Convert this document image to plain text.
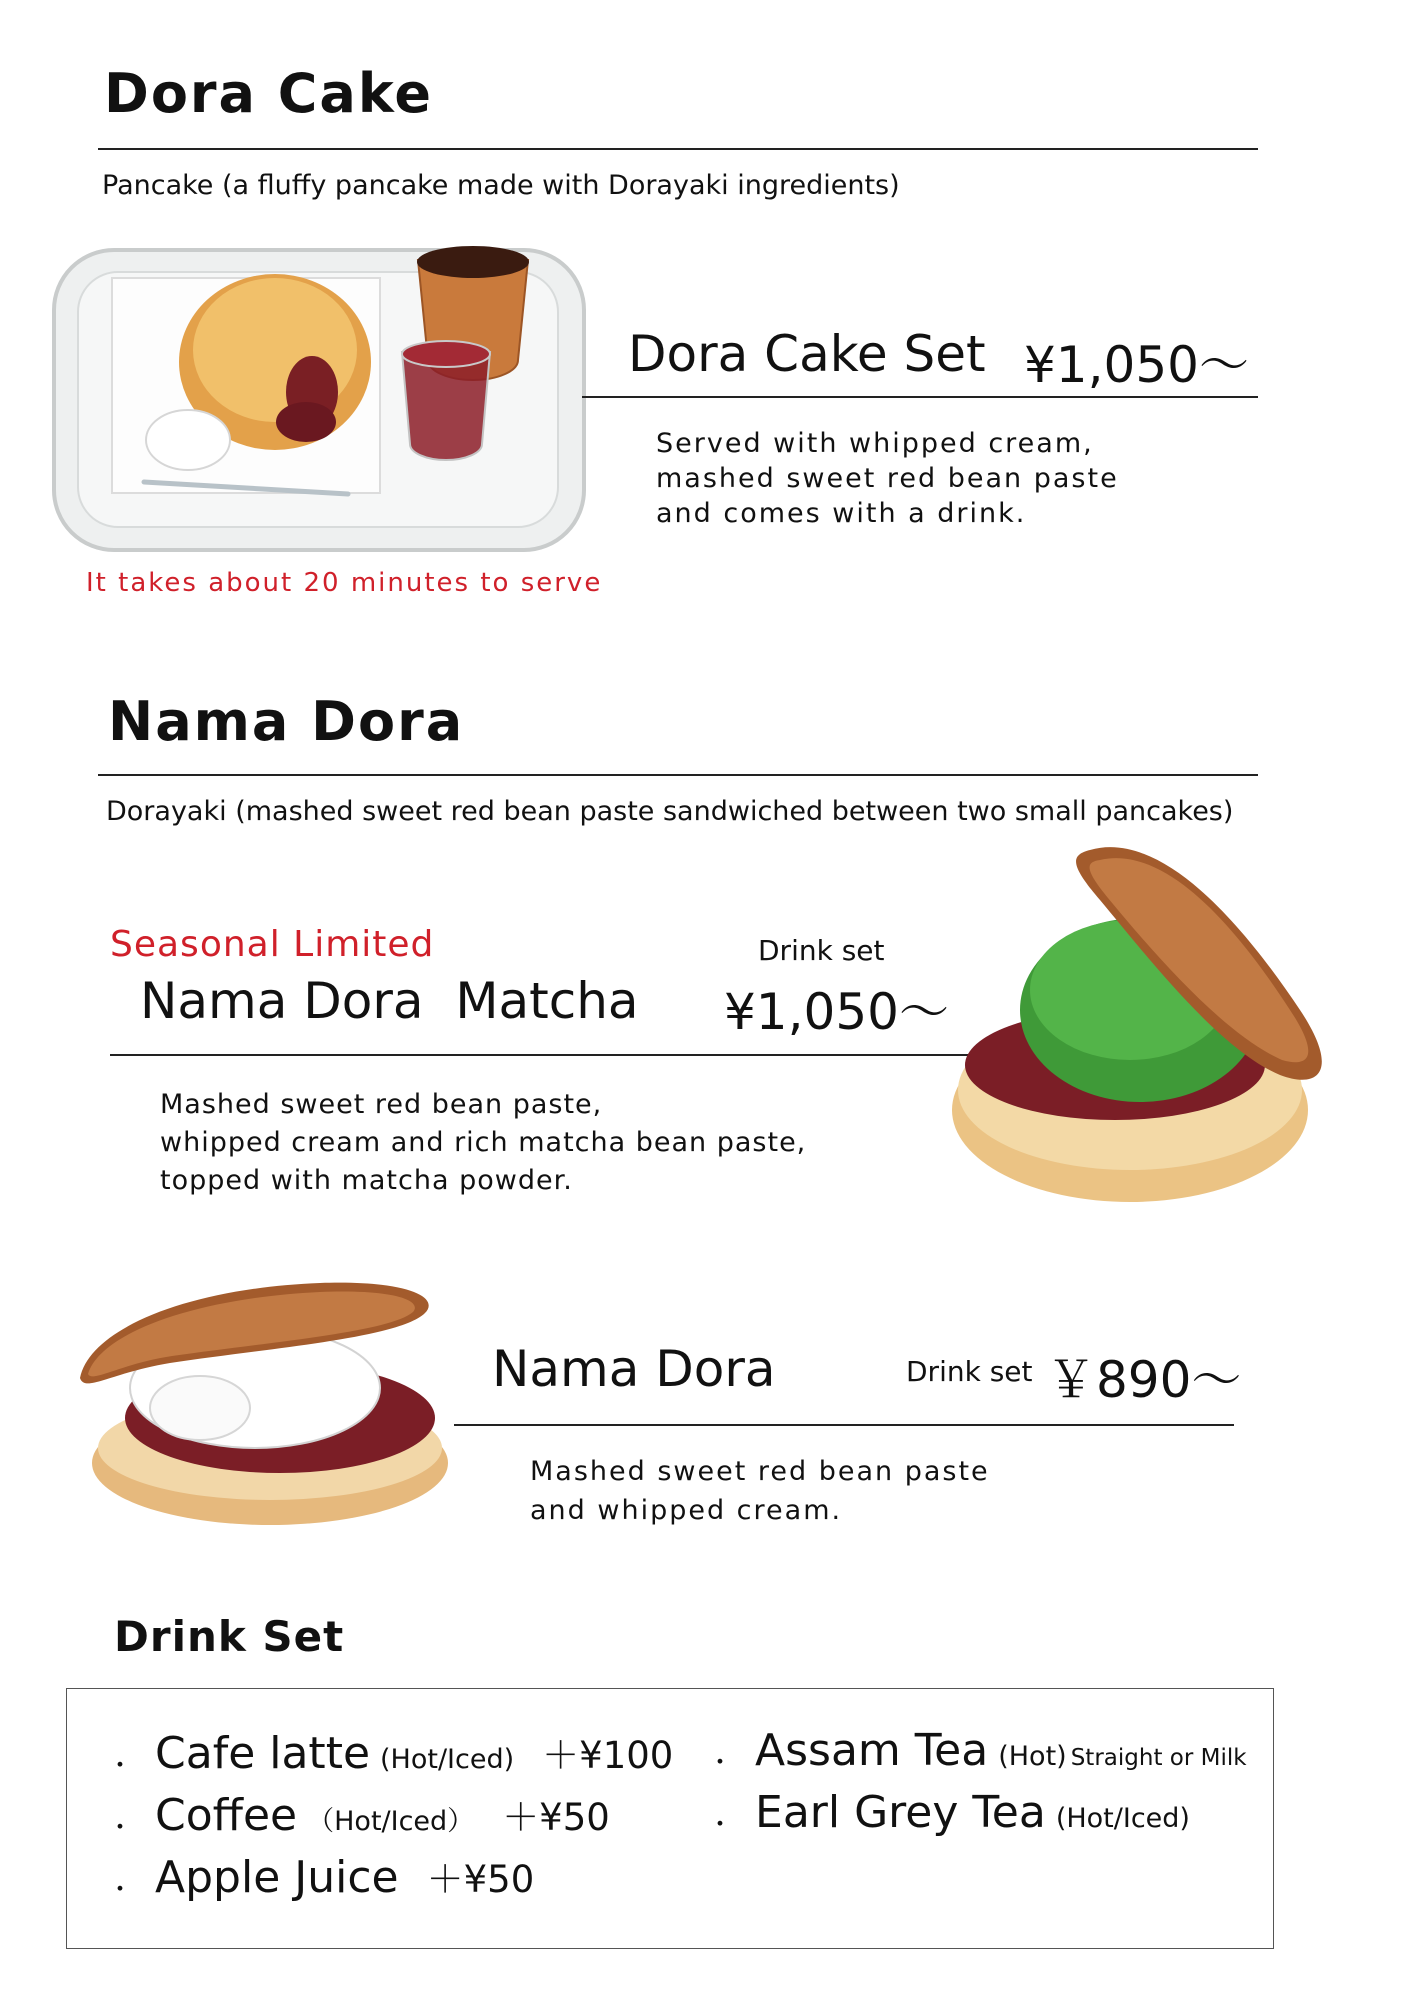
Dora Cake
Pancake (a fluffy pancake made with Dorayaki ingredients)
Dora Cake Set ¥1,050～
Served with whipped cream,
mashed sweet red bean paste
and comes with a drink.
It takes about 20 minutes to serve
Nama Dora
Dorayaki (mashed sweet red bean paste sandwiched between two small pancakes)
Seasonal Limited
Nama Dora  Matcha
Drink set
¥1,050～
Mashed sweet red bean paste,
whipped cream and rich matcha bean paste,
topped with matcha powder.
Nama Dora	Drink set ￥890～
Mashed sweet red bean paste
and whipped cream.
Drink Set
・ Cafe latte (Hot/Iced) ＋¥100
・ Coffee （Hot/Iced） ＋¥50
・ Apple Juice ＋¥50
・ Assam Tea (Hot) Straight or Milk
・ Earl Grey Tea (Hot/Iced)
